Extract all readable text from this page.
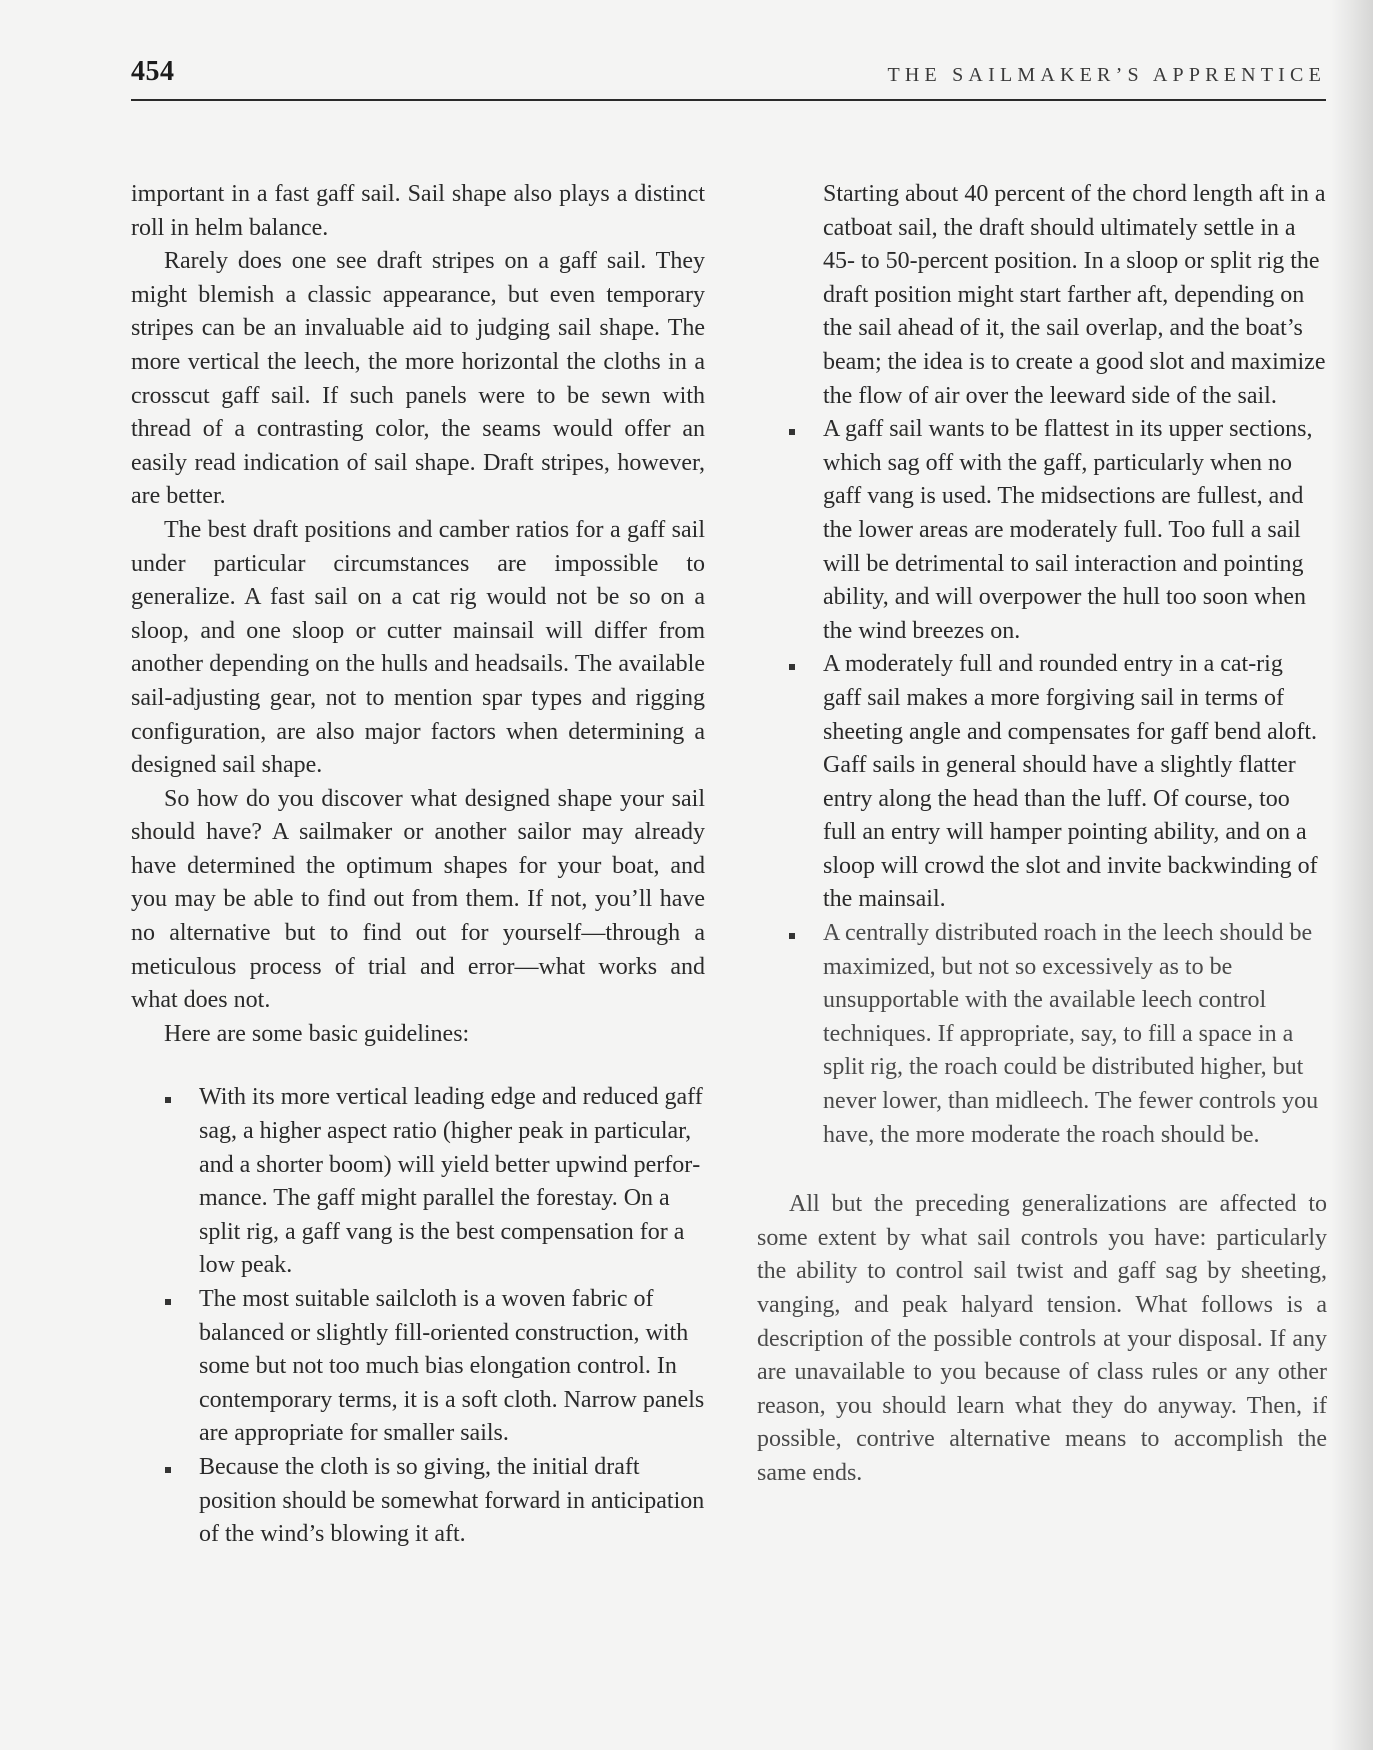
454	THE SAILMAKER’S APPRENTICE

important in a fast gaff sail. Sail shape also plays a distinct roll in helm balance.

Rarely does one see draft stripes on a gaff sail. They might blemish a classic appearance, but even temporary stripes can be an invaluable aid to judging sail shape. The more vertical the leech, the more horizontal the cloths in a crosscut gaff sail. If such panels were to be sewn with thread of a contrasting color, the seams would offer an easily read indication of sail shape. Draft stripes, however, are better.

The best draft positions and camber ratios for a gaff sail under particular circumstances are impossible to generalize. A fast sail on a cat rig would not be so on a sloop, and one sloop or cutter mainsail will differ from another depending on the hulls and headsails. The available sail-adjusting gear, not to mention spar types and rigging configuration, are also major factors when determining a designed sail shape.

So how do you discover what designed shape your sail should have? A sailmaker or another sailor may already have determined the optimum shapes for your boat, and you may be able to find out from them. If not, you’ll have no alternative but to find out for yourself—through a meticulous process of trial and error—what works and what does not.

Here are some basic guidelines:

With its more vertical leading edge and reduced gaff sag, a higher aspect ratio (higher peak in particular, and a shorter boom) will yield better upwind performance. The gaff might parallel the forestay. On a split rig, a gaff vang is the best compensation for a low peak.

The most suitable sailcloth is a woven fabric of balanced or slightly fill-oriented construction, with some but not too much bias elongation control. In contemporary terms, it is a soft cloth. Narrow panels are appropriate for smaller sails.

Because the cloth is so giving, the initial draft position should be somewhat forward in anticipation of the wind’s blowing it aft.

Starting about 40 percent of the chord length aft in a catboat sail, the draft should ultimately settle in a 45- to 50-percent position. In a sloop or split rig the draft position might start farther aft, depending on the sail ahead of it, the sail overlap, and the boat’s beam; the idea is to create a good slot and maximize the flow of air over the leeward side of the sail.

A gaff sail wants to be flattest in its upper sections, which sag off with the gaff, particularly when no gaff vang is used. The midsections are fullest, and the lower areas are moderately full. Too full a sail will be detrimental to sail interaction and pointing ability, and will overpower the hull too soon when the wind breezes on.

A moderately full and rounded entry in a cat-rig gaff sail makes a more forgiving sail in terms of sheeting angle and compensates for gaff bend aloft. Gaff sails in general should have a slightly flatter entry along the head than the luff. Of course, too full an entry will hamper pointing ability, and on a sloop will crowd the slot and invite backwinding of the mainsail.

A centrally distributed roach in the leech should be maximized, but not so excessively as to be unsupportable with the available leech control techniques. If appropriate, say, to fill a space in a split rig, the roach could be distributed higher, but never lower, than midleech. The fewer controls you have, the more moderate the roach should be.

All but the preceding generalizations are affected to some extent by what sail controls you have: particularly the ability to control sail twist and gaff sag by sheeting, vanging, and peak halyard tension. What follows is a description of the possible controls at your disposal. If any are unavailable to you because of class rules or any other reason, you should learn what they do anyway. Then, if possible, contrive alternative means to accomplish the same ends.
